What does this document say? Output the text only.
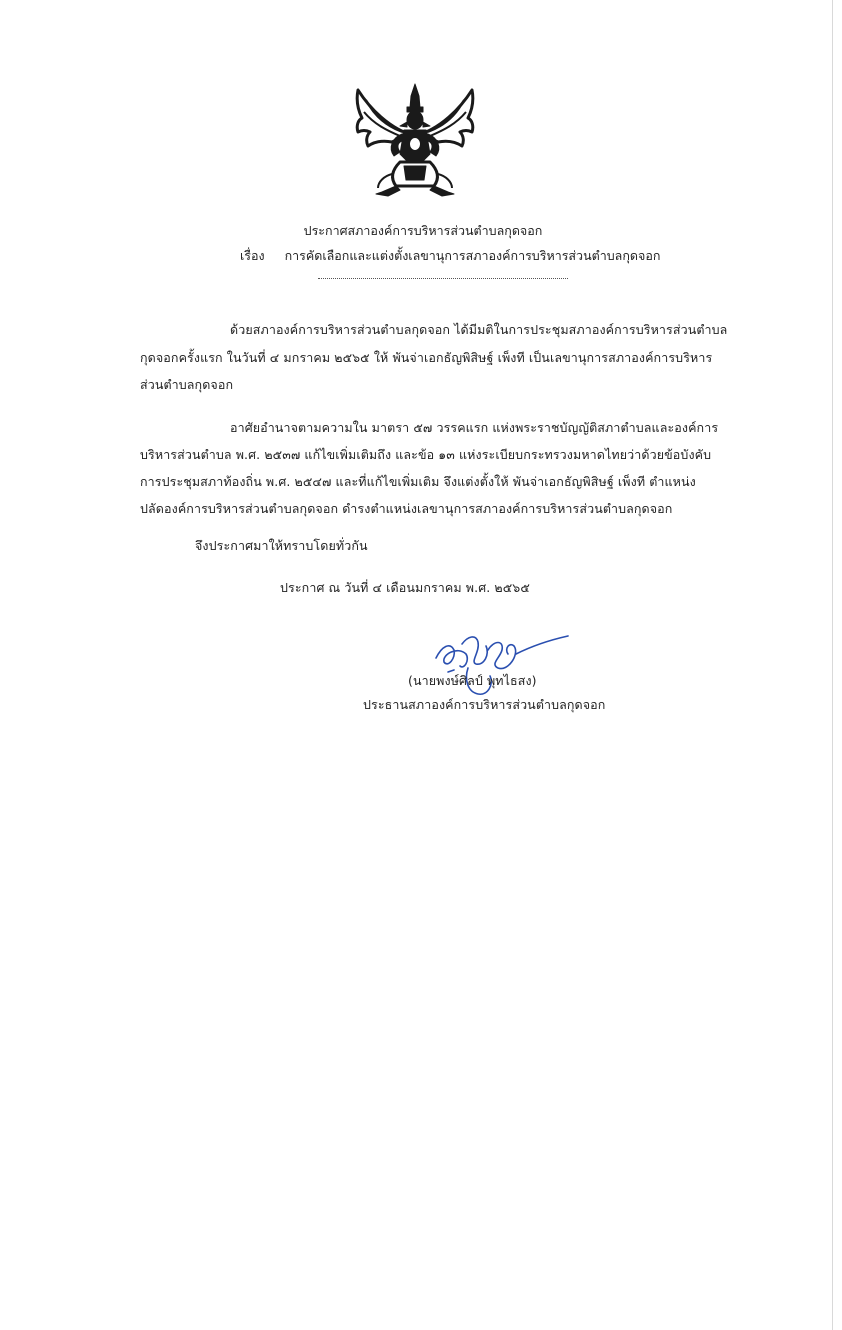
ประกาศสภาองค์การบริหารส่วนตำบลกุดจอก
เรื่อง การคัดเลือกและแต่งตั้งเลขานุการสภาองค์การบริหารส่วนตำบลกุดจอก
ด้วยสภาองค์การบริหารส่วนตำบลกุดจอก ได้มีมติในการประชุมสภาองค์การบริหารส่วนตำบล
กุดจอกครั้งแรก ในวันที่ ๔ มกราคม ๒๕๖๕ ให้ พันจ่าเอกธัญพิสิษฐ์ เพ็งที เป็นเลขานุการสภาองค์การบริหาร
ส่วนตำบลกุดจอก
อาศัยอำนาจตามความใน มาตรา ๕๗ วรรคแรก แห่งพระราชบัญญัติสภาตำบลและองค์การ
บริหารส่วนตำบล พ.ศ. ๒๕๓๗ แก้ไขเพิ่มเติมถึง และข้อ ๑๓ แห่งระเบียบกระทรวงมหาดไทยว่าด้วยข้อบังคับ
การประชุมสภาท้องถิ่น พ.ศ. ๒๕๔๗ และที่แก้ไขเพิ่มเติม จึงแต่งตั้งให้ พันจ่าเอกธัญพิสิษฐ์ เพ็งที ตำแหน่ง
ปลัดองค์การบริหารส่วนตำบลกุดจอก ดำรงตำแหน่งเลขานุการสภาองค์การบริหารส่วนตำบลกุดจอก
จึงประกาศมาให้ทราบโดยทั่วกัน
ประกาศ ณ วันที่ ๔ เดือนมกราคม พ.ศ. ๒๕๖๕
(นายพงษ์ศิลป์ พุทไธสง)
ประธานสภาองค์การบริหารส่วนตำบลกุดจอก
